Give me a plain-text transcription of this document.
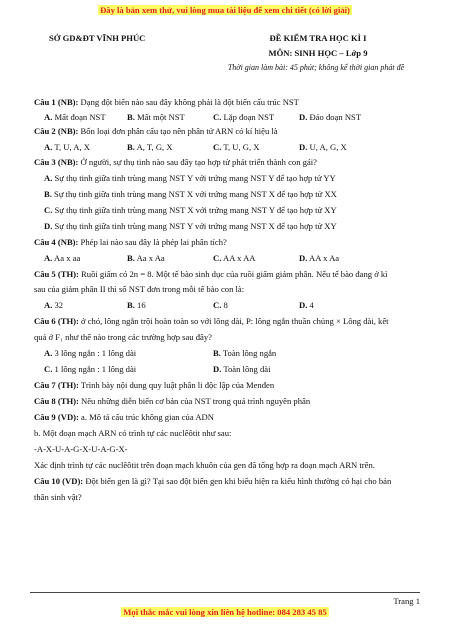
Đây là bản xem thử, vui lòng mua tài liệu để xem chi tiết (có lời giải)
SỞ GD&ĐT VĨNH PHÚC	ĐỀ KIỂM TRA HỌC KÌ I
MÔN: SINH HỌC – Lớp 9
Thời gian làm bài: 45 phút; không kể thời gian phát đề
Câu 1 (NB): Dạng đột biến nào sau đây không phải là đột biến cấu trúc NST
A. Mất đoạn NST B. Mất một NST	C. Lặp đoạn NST	D. Đảo đoạn NST
Câu 2 (NB): Bốn loại đơn phân cấu tạo nên phân tử ARN có kí hiệu là
A. T, U, A, X	B. A, T, G, X	C. T, U, G, X	D. U, A, G, X
Câu 3 (NB): Ở người, sự thụ tinh nào sau đây tạo hợp tử phát triển thành con gái?
A. Sự thụ tinh giữa tinh trùng mang NST Y với trứng mang NST Y để tạo hợp tử YY
B. Sự thụ tinh giữa tinh trùng mang NST X với trứng mang NST X để tạo hợp tử XX
C. Sự thụ tinh giữa tinh trùng mang NST X với trứng mang NST Y để tạo hợp tử XY
D. Sự thụ tinh giữa tinh trùng mang NST Y với trứng mang NST X để tạo hợp tử XY
Câu 4 (NB): Phép lai nào sau đây là phép lai phân tích?
A. Aa x aa	B. Aa x Aa	C. AA x AA	D. AA x Aa
Câu 5 (TH): Ruồi giấm có 2n = 8. Một tế bào sinh dục của ruồi giấm giảm phân. Nếu tế bào đang ở kì
sau của giảm phân II thì số NST đơn trong mỗi tế bào con là:
A. 32	B. 16	C. 8	D. 4
Câu 6 (TH): ở chó, lông ngắn trội hoàn toàn so với lông dài, P: lông ngắn thuần chủng × Lông dài, kết
quả ở F₁ như thế nào trong các trường hợp sau đây?
A. 3 lông ngắn : 1 lông dài	B. Toàn lông ngắn
C. 1 lông ngắn : 1 lông dài	D. Toàn lông dài
Câu 7 (TH): Trình bày nội dung quy luật phân li độc lập của Menđen
Câu 8 (TH): Nêu những diễn biến cơ bản của NST trong quá trình nguyên phân
Câu 9 (VD): a. Mô tả cấu trúc không gian của ADN
b. Một đoạn mạch ARN có trình tự các nuclêôtit như sau:
-A-X-U-A-G-X-U-A-G-X-
Xác định trình tự các nuclêôtit trên đoạn mạch khuôn của gen đã tổng hợp ra đoạn mạch ARN trên.
Câu 10 (VD): Đột biến gen là gì? Tại sao đột biến gen khi biểu hiện ra kiểu hình thường có hại cho bản
thân sinh vật?
Trang 1
Mọi thắc mắc vui lòng xin liên hệ hotline: 084 283 45 85
